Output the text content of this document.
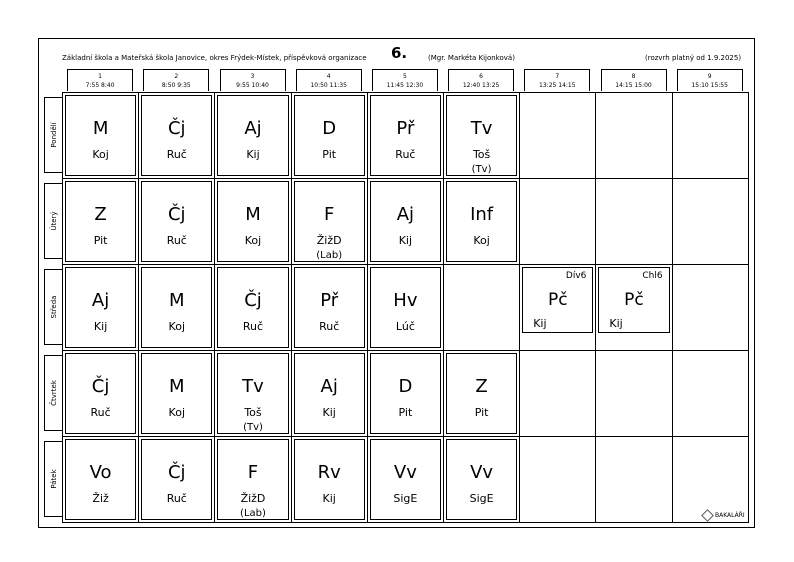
Základní škola a Mateřská škola Janovice, okres Frýdek-Místek, příspěvková organizace 6.	(Mgr. Markéta Kijonková)	(rozvrh platný od 1.9.2025)
1
7:55 8:40
2
8:50 9:35
3
9:55 10:40
4
10:50 11:35
5
11:45 12:30
6
12:40 13:25
7
13:25 14:15
8
14:15 15:00
9
15:10 15:55
Pondělí
Úterý
Středa
Čtvrtek
Pátek
M
Koj
Čj
Ruč
Aj
Kij
D
Pit
Př
Ruč
Tv
Toš
(Tv)
Z
Pit
Čj
Ruč
M
Koj
F
ŽižD
(Lab)
Aj
Kij
Inf
Koj
Aj
Kij
M
Koj
Čj
Ruč
Př
Ruč
Hv
Lúč
Dív6
Pč
Kij
Chl6
Pč
Kij
Čj
Ruč
M
Koj
Tv
Toš
(Tv)
Aj
Kij
D
Pit
Z
Pit
Vo
Žiž
Čj
Ruč
F
ŽižD
(Lab)
Rv
Kij
Vv
SigE
Vv
SigE
BAKALÁŘI
